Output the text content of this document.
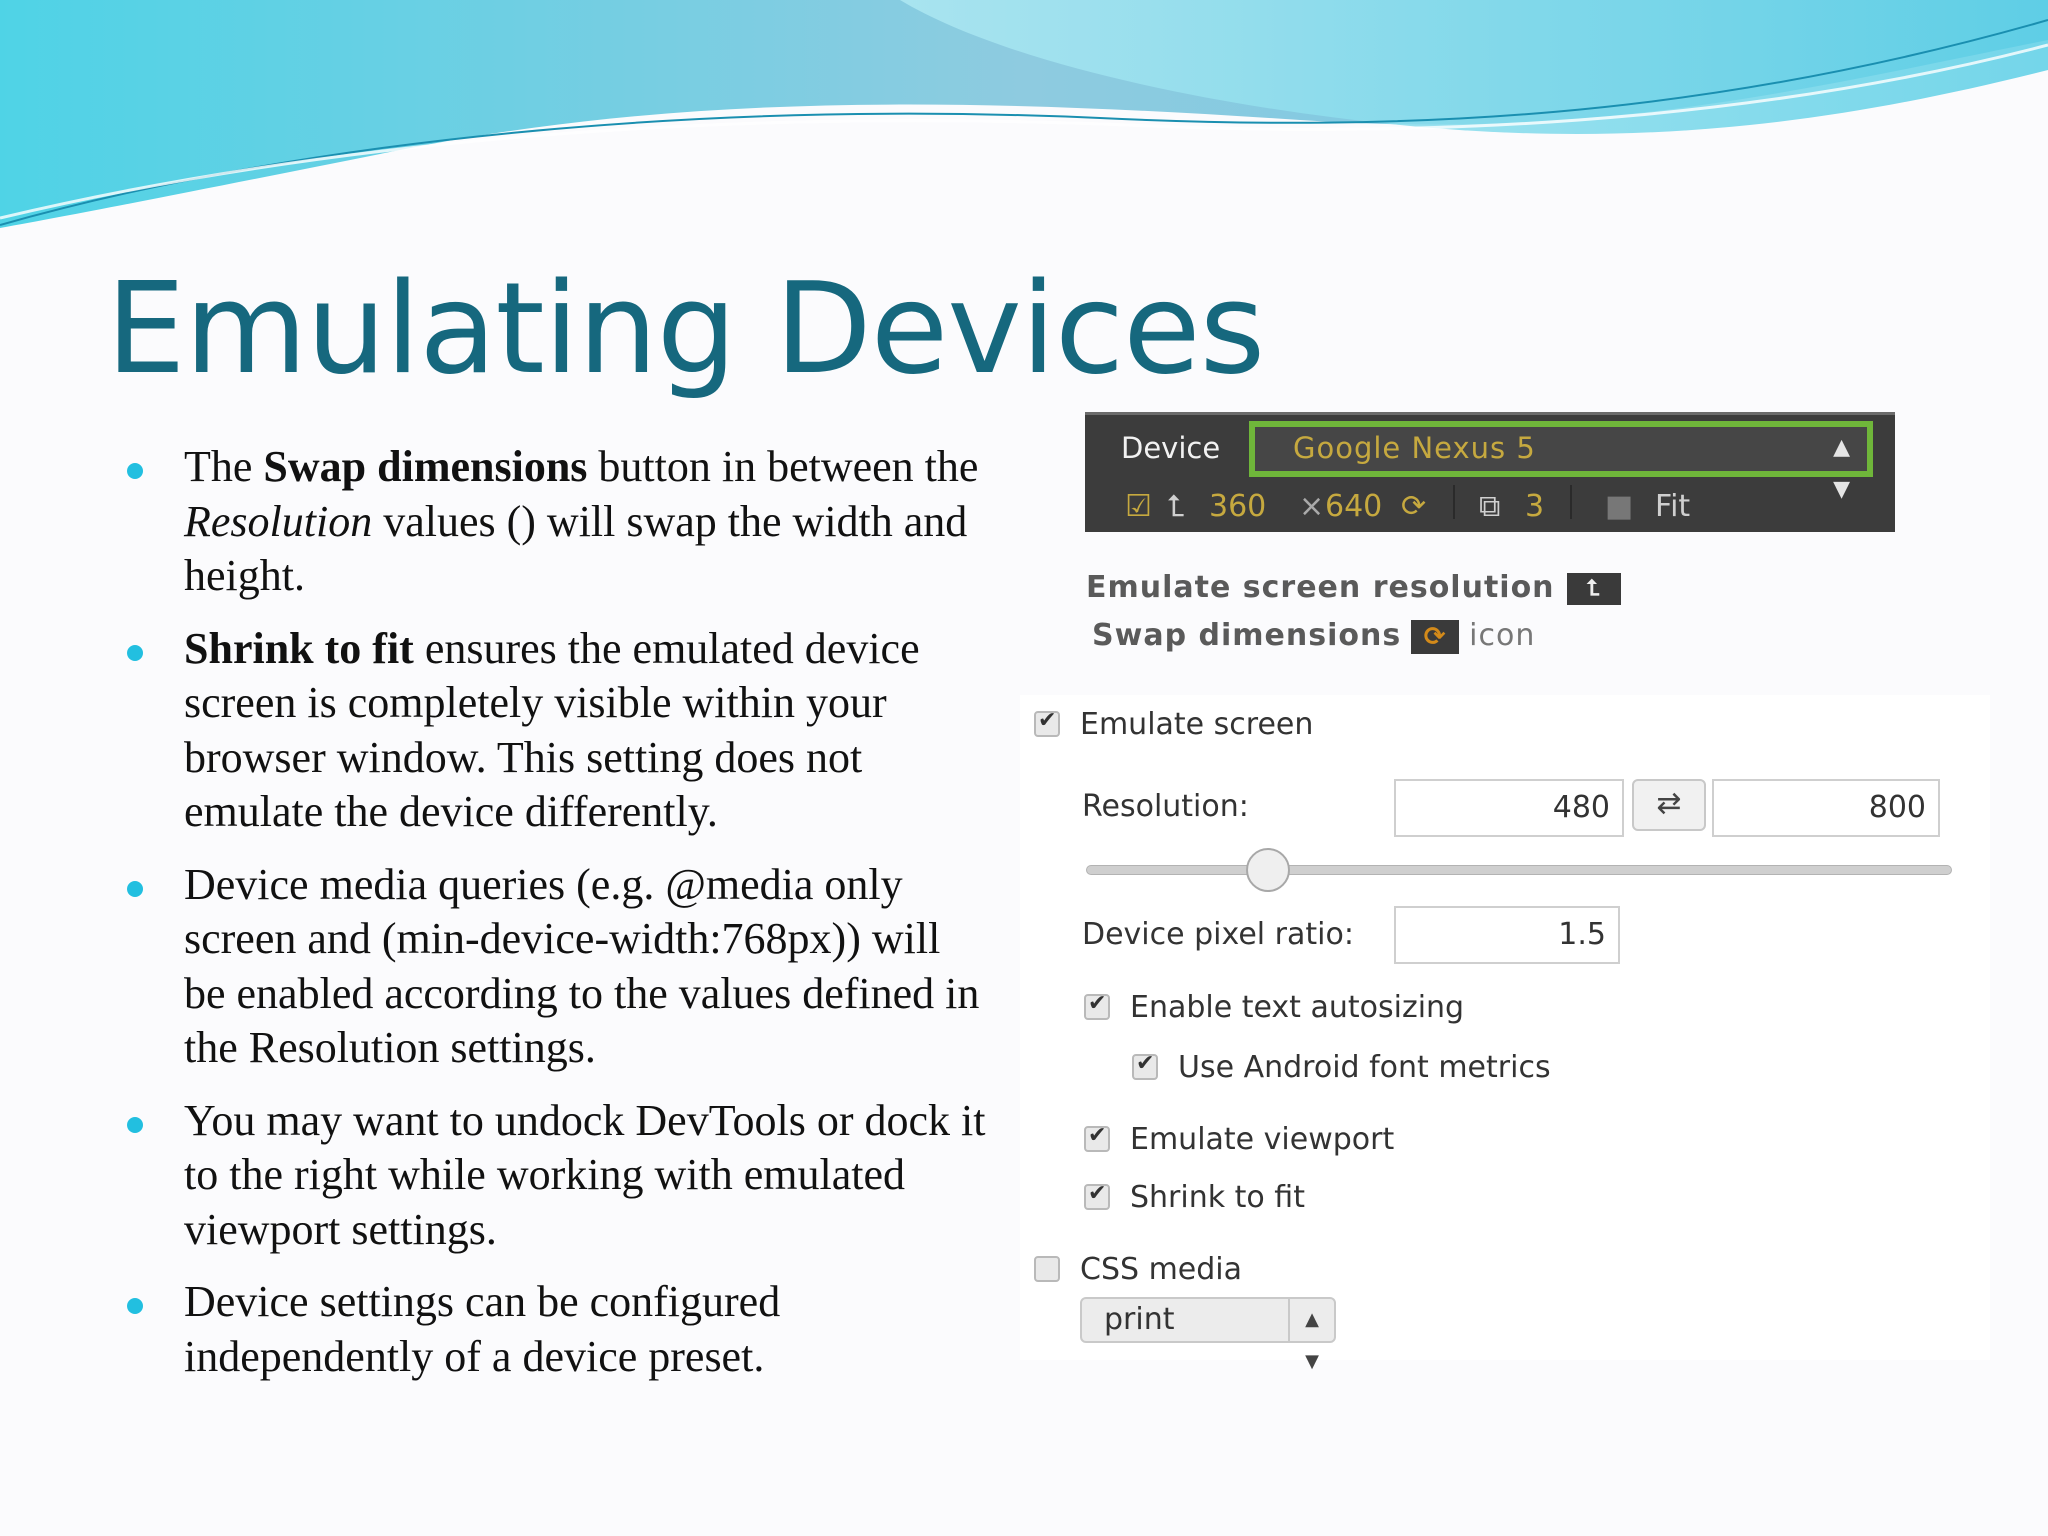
Emulating Devices
The Swap dimensions button in between the Resolution values () will swap the width and height.
Shrink to fit ensures the emulated device screen is completely visible within your browser window. This setting does not emulate the device differently.
Device media queries (e.g. @media only screen and (min-device-width:768px)) will be enabled according to the values defined in the Resolution settings.
You may want to undock DevTools or dock it to the right while working with emulated viewport settings.
Device settings can be configured independently of a device preset.
Device	Google Nexus 5	▲
▼
☑ ⮤ 360 × 640 ⟳ ⧉ 3 ■ Fit
Emulate screen resolution ⮤
Swap dimensions ⟳ icon
✔Emulate screen
Resolution:	480	⇄	800
Device pixel ratio:	1.5
✔Enable text autosizing
✔Use Android font metrics
✔Emulate viewport
✔Shrink to fit
CSS media
print	▲
▼
